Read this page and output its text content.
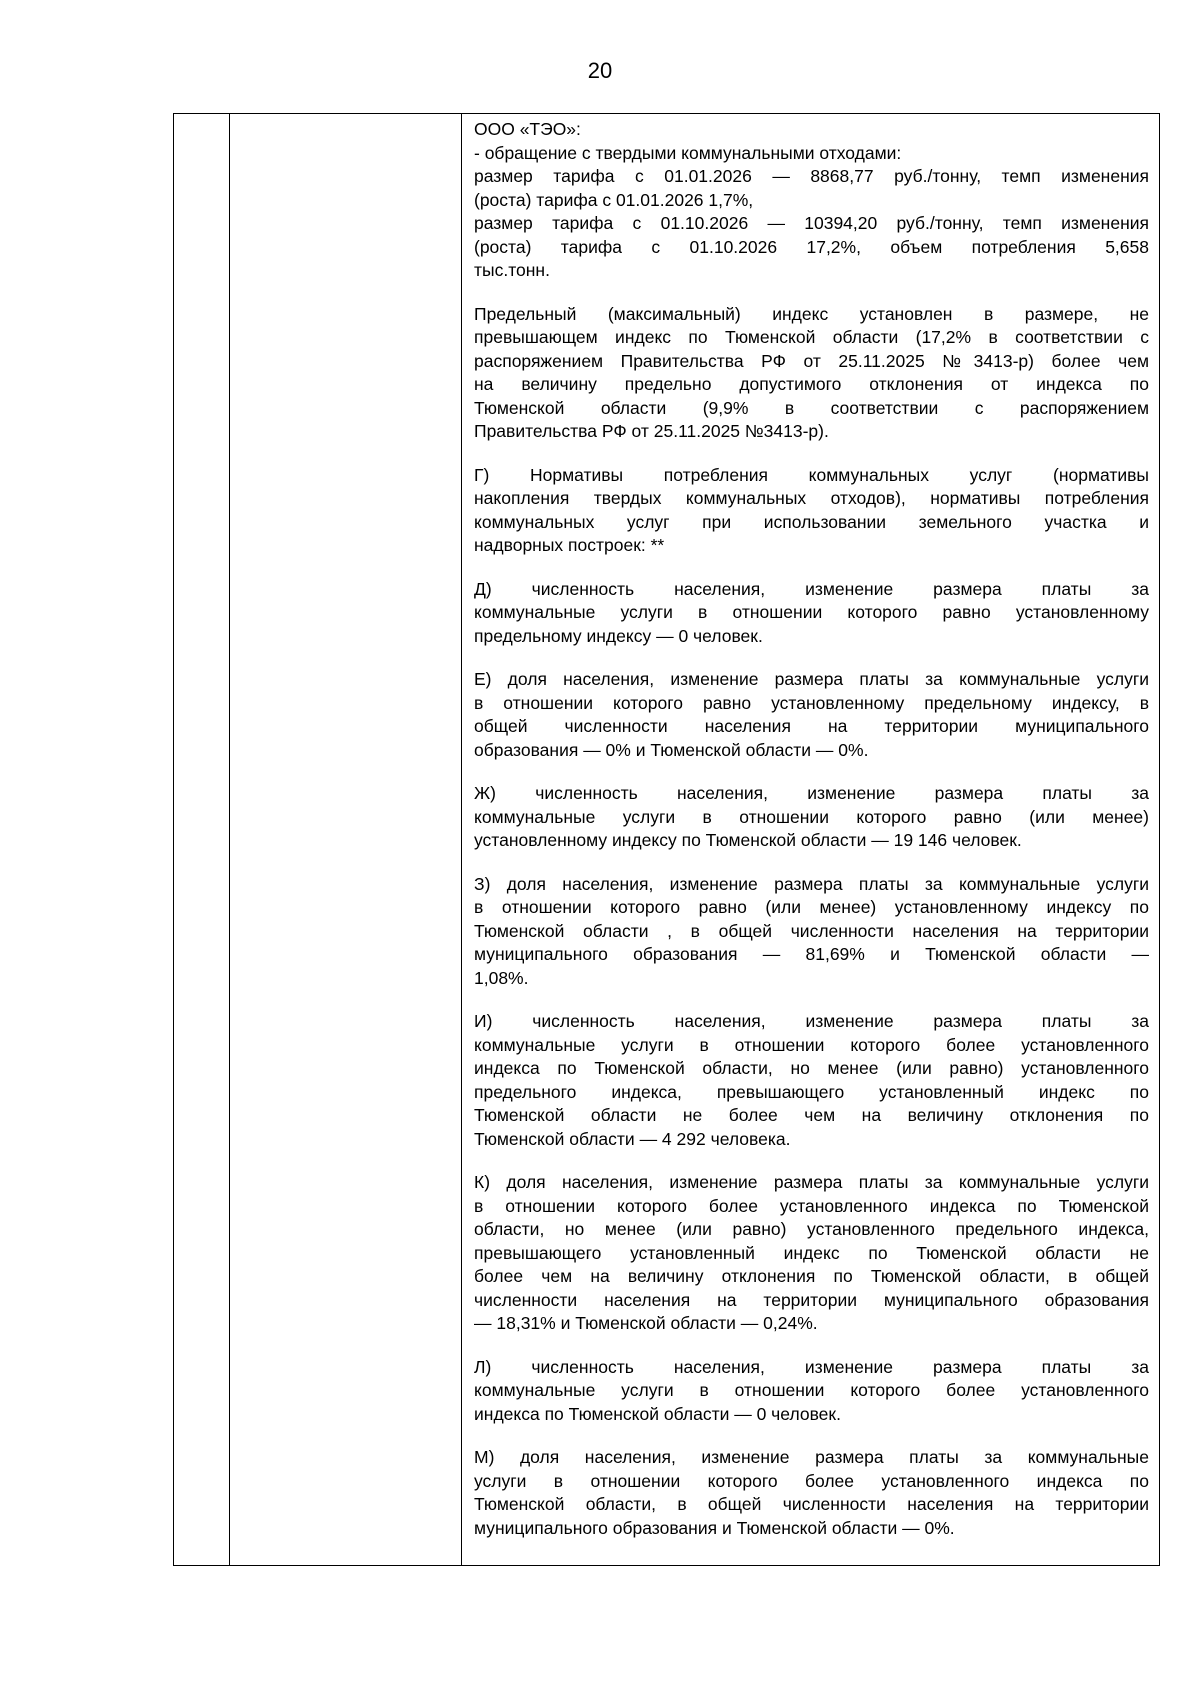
20
ООО «ТЭО»:
- обращение с твердыми коммунальными отходами:
размер тарифа с 01.01.2026 — 8868,77 руб./тонну, темп изменения
(роста) тарифа с 01.01.2026 1,7%,
размер тарифа с 01.10.2026 — 10394,20 руб./тонну, темп изменения
(роста) тарифа с 01.10.2026 17,2%, объем потребления 5,658
тыс.тонн.
Предельный (максимальный) индекс установлен в размере, не
превышающем индекс по Тюменской области (17,2% в соответствии с
распоряжением Правительства РФ от 25.11.2025 №3413-р) более чем
на величину предельно допустимого отклонения от индекса по
Тюменской области (9,9% в соответствии с распоряжением
Правительства РФ от 25.11.2025 №3413-р).
Г) Нормативы потребления коммунальных услуг (нормативы
накопления твердых коммунальных отходов), нормативы потребления
коммунальных услуг при использовании земельного участка и
надворных построек: **
Д) численность населения, изменение размера платы за
коммунальные услуги в отношении которого равно установленному
предельному индексу — 0 человек.
Е) доля населения, изменение размера платы за коммунальные услуги
в отношении которого равно установленному предельному индексу, в
общей численности населения на территории муниципального
образования — 0% и Тюменской области — 0%.
Ж) численность населения, изменение размера платы за
коммунальные услуги в отношении которого равно (или менее)
установленному индексу по Тюменской области — 19 146 человек.
З) доля населения, изменение размера платы за коммунальные услуги
в отношении которого равно (или менее) установленному индексу по
Тюменской области , в общей численности населения на территории
муниципального образования — 81,69% и Тюменской области —
1,08%.
И) численность населения, изменение размера платы за
коммунальные услуги в отношении которого более установленного
индекса по Тюменской области, но менее (или равно) установленного
предельного индекса, превышающего установленный индекс по
Тюменской области не более чем на величину отклонения по
Тюменской области — 4 292 человека.
К) доля населения, изменение размера платы за коммунальные услуги
в отношении которого более установленного индекса по Тюменской
области, но менее (или равно) установленного предельного индекса,
превышающего установленный индекс по Тюменской области не
более чем на величину отклонения по Тюменской области, в общей
численности населения на территории муниципального образования
— 18,31% и Тюменской области — 0,24%.
Л) численность населения, изменение размера платы за
коммунальные услуги в отношении которого более установленного
индекса по Тюменской области — 0 человек.
М) доля населения, изменение размера платы за коммунальные
услуги в отношении которого более установленного индекса по
Тюменской области, в общей численности населения на территории
муниципального образования и Тюменской области — 0%.
